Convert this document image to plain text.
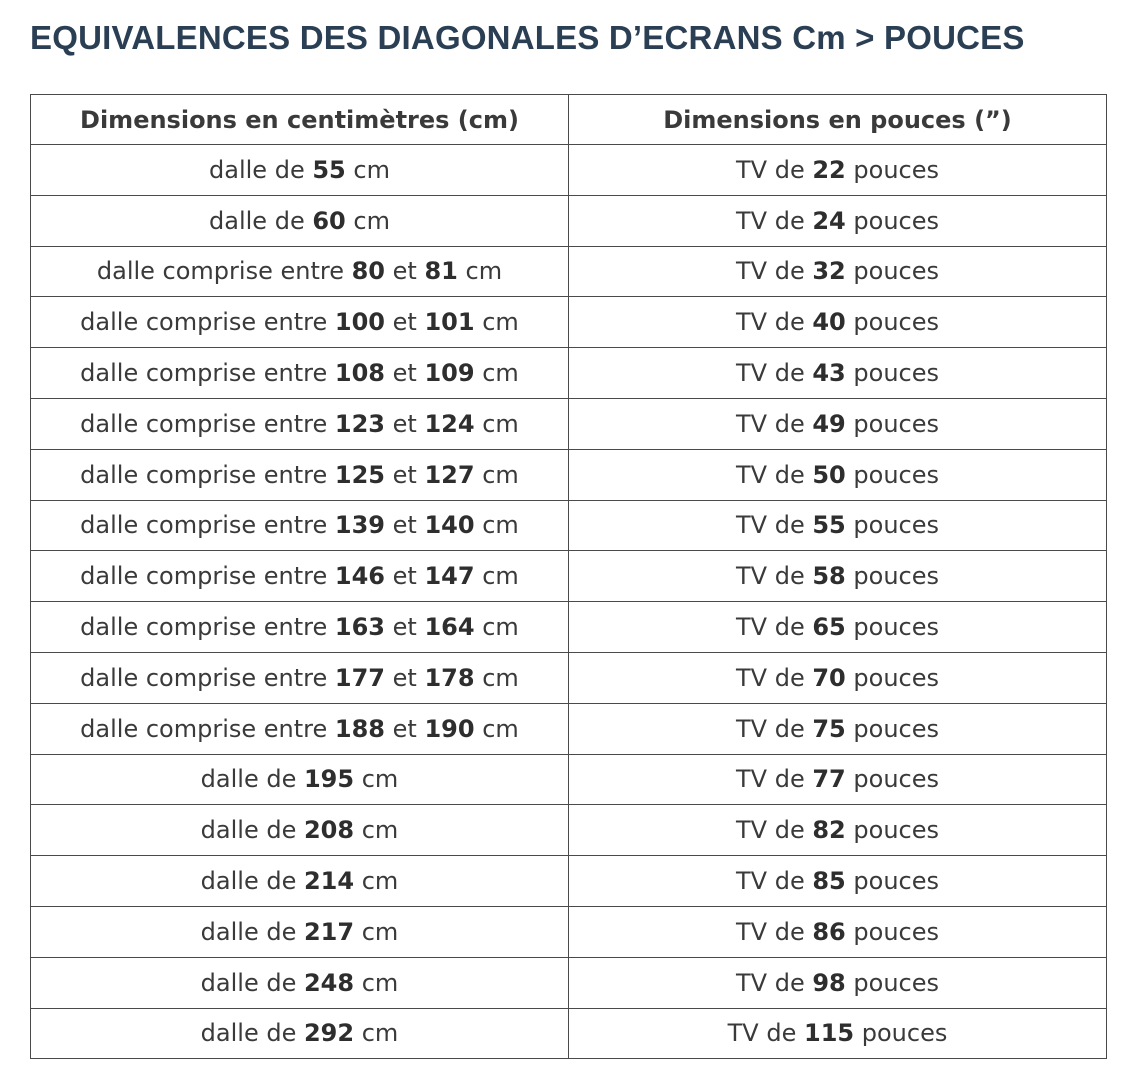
EQUIVALENCES DES DIAGONALES D’ECRANS Cm > POUCES
Dimensions en centimètres (cm)	Dimensions en pouces (”)
dalle de 55 cm	TV de 22 pouces
dalle de 60 cm	TV de 24 pouces
dalle comprise entre 80 et 81 cm	TV de 32 pouces
dalle comprise entre 100 et 101 cm	TV de 40 pouces
dalle comprise entre 108 et 109 cm	TV de 43 pouces
dalle comprise entre 123 et 124 cm	TV de 49 pouces
dalle comprise entre 125 et 127 cm	TV de 50 pouces
dalle comprise entre 139 et 140 cm	TV de 55 pouces
dalle comprise entre 146 et 147 cm	TV de 58 pouces
dalle comprise entre 163 et 164 cm	TV de 65 pouces
dalle comprise entre 177 et 178 cm	TV de 70 pouces
dalle comprise entre 188 et 190 cm	TV de 75 pouces
dalle de 195 cm	TV de 77 pouces
dalle de 208 cm	TV de 82 pouces
dalle de 214 cm	TV de 85 pouces
dalle de 217 cm	TV de 86 pouces
dalle de 248 cm	TV de 98 pouces
dalle de 292 cm	TV de 115 pouces
